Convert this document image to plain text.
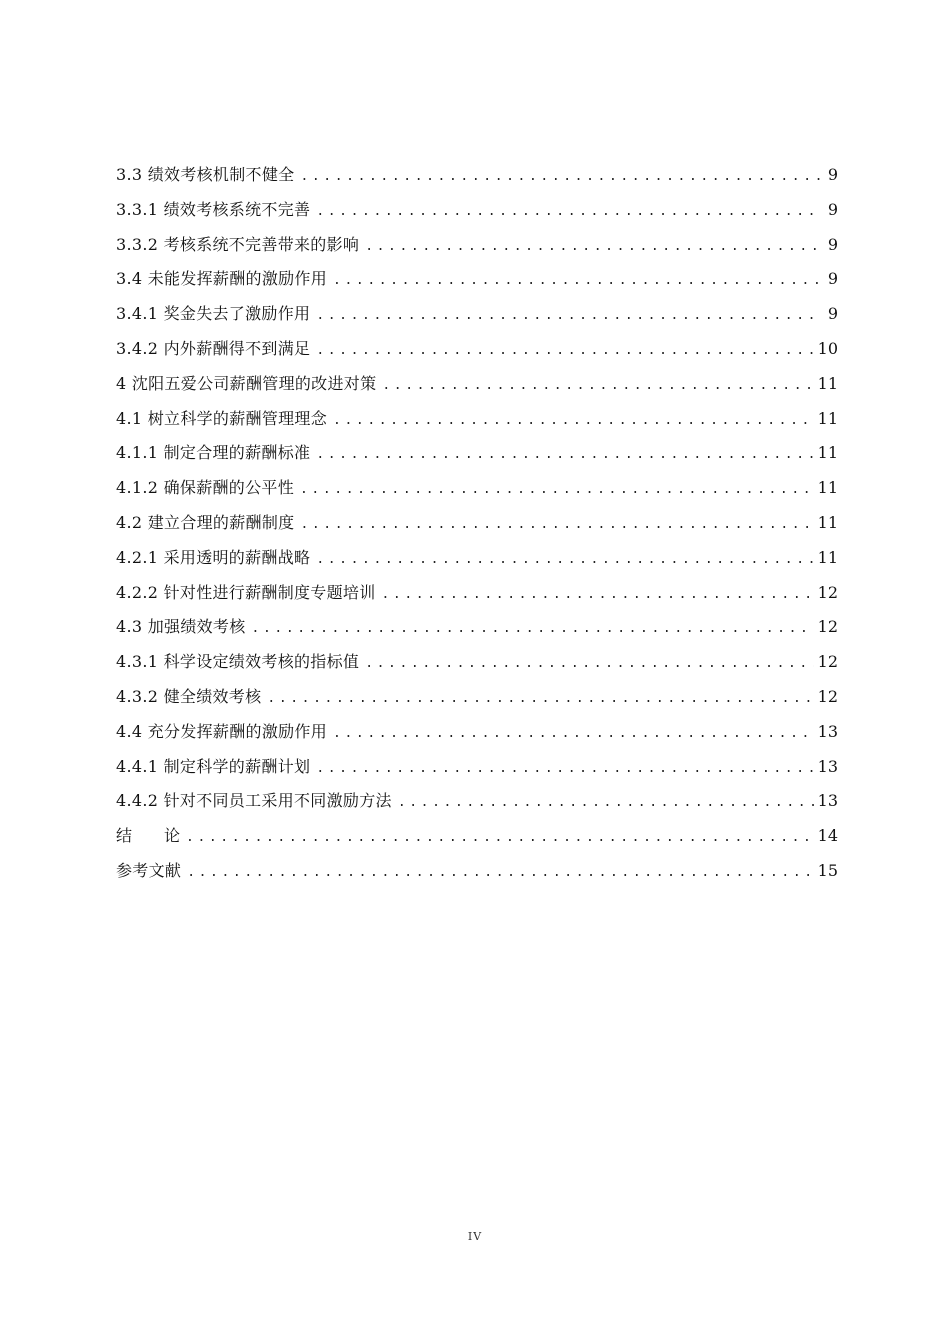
3.3 绩效考核机制不健全 .....	9
3.3.1 绩效考核系统不完善 .....	9
3.3.2 考核系统不完善带来的影响 .....	9
3.4 未能发挥薪酬的激励作用 .....	9
3.4.1 奖金失去了激励作用 .....	9
3.4.2 内外薪酬得不到满足 .....	10
4 沈阳五爱公司薪酬管理的改进对策 .....	11
4.1 树立科学的薪酬管理理念 .....	11
4.1.1 制定合理的薪酬标准 .....	11
4.1.2 确保薪酬的公平性 .....	11
4.2 建立合理的薪酬制度 .....	11
4.2.1 采用透明的薪酬战略 .....	11
4.2.2 针对性进行薪酬制度专题培训 .....	12
4.3 加强绩效考核 .....	12
4.3.1 科学设定绩效考核的指标值 .....	12
4.3.2 健全绩效考核 .....	12
4.4 充分发挥薪酬的激励作用 .....	13
4.4.1 制定科学的薪酬计划 .....	13
4.4.2 针对不同员工采用不同激励方法 .....	13
结　　论 .....	14
参考文献 .....	15
IV
